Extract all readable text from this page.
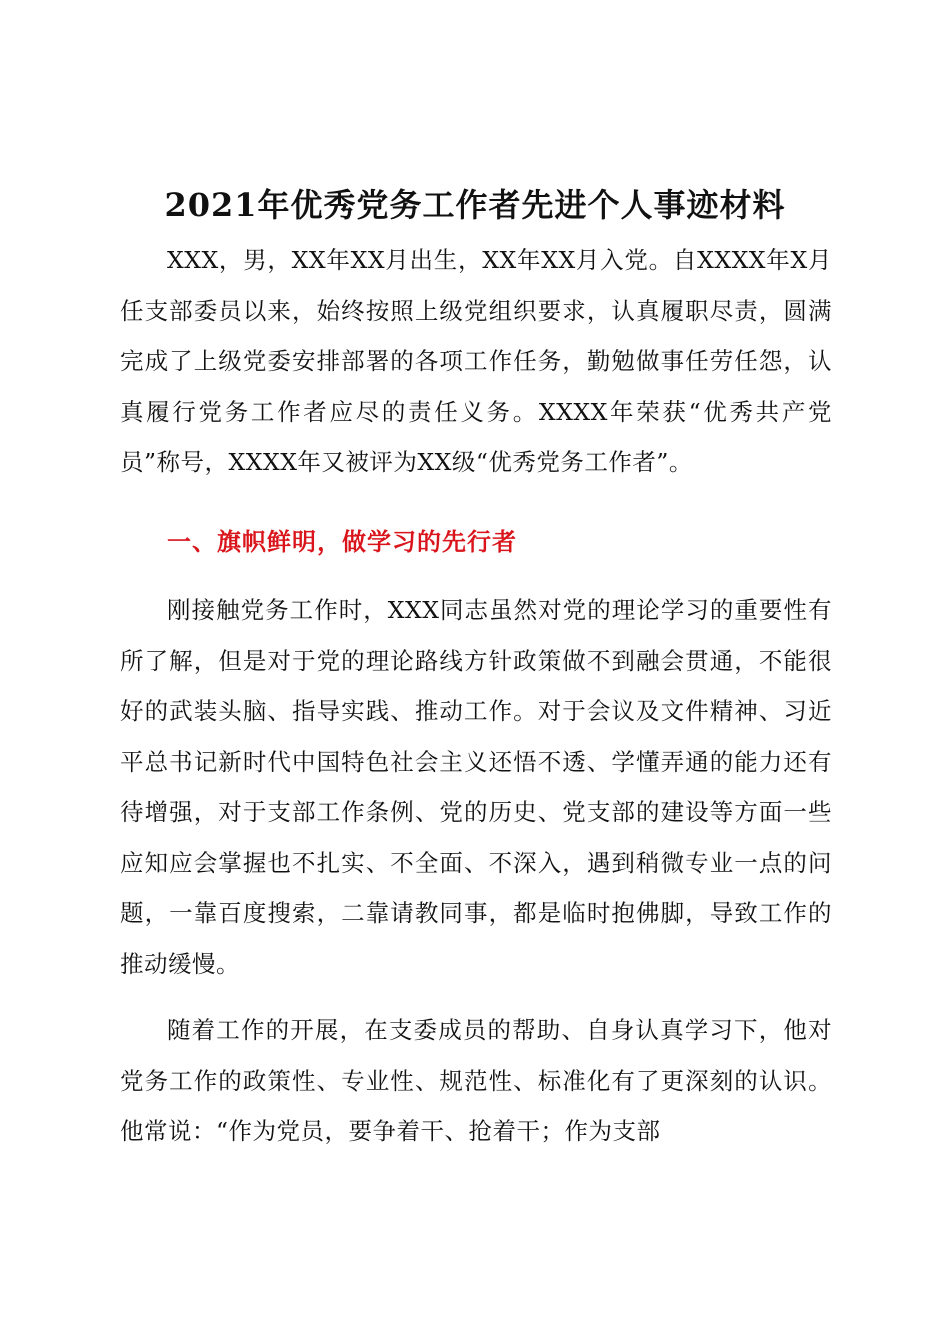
2021年优秀党务工作者先进个人事迹材料

XXX，男，XX年XX月出生，XX年XX月入党。自XXXX年X月任支部委员以来，始终按照上级党组织要求，认真履职尽责，圆满完成了上级党委安排部署的各项工作任务，勤勉做事任劳任怨，认真履行党务工作者应尽的责任义务。XXXX年荣获“优秀共产党员”称号，XXXX年又被评为XX级“优秀党务工作者”。

一、旗帜鲜明，做学习的先行者

刚接触党务工作时，XXX同志虽然对党的理论学习的重要性有所了解，但是对于党的理论路线方针政策做不到融会贯通，不能很好的武装头脑、指导实践、推动工作。对于会议及文件精神、习近平总书记新时代中国特色社会主义还悟不透、学懂弄通的能力还有待增强，对于支部工作条例、党的历史、党支部的建设等方面一些应知应会掌握也不扎实、不全面、不深入，遇到稍微专业一点的问题，一靠百度搜索，二靠请教同事，都是临时抱佛脚，导致工作的推动缓慢。

随着工作的开展，在支委成员的帮助、自身认真学习下，他对党务工作的政策性、专业性、规范性、标准化有了更深刻的认识。他常说：“作为党员，要争着干、抢着干；作为支部
